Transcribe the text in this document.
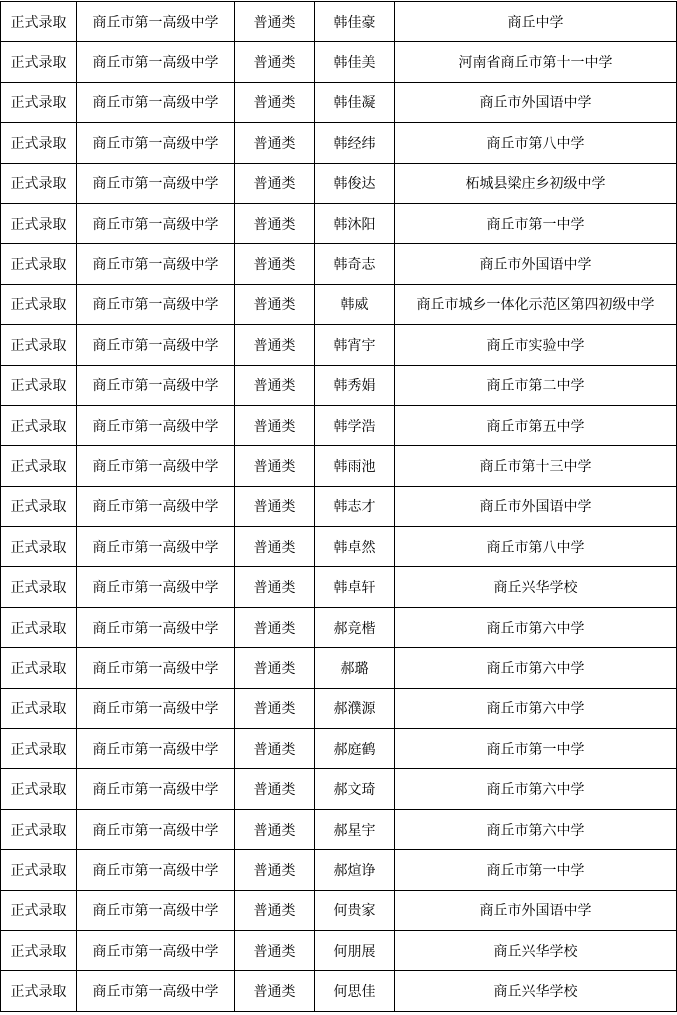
正式录取	商丘市第一高级中学	普通类	韩佳豪	商丘中学
正式录取	商丘市第一高级中学	普通类	韩佳美	河南省商丘市第十一中学
正式录取	商丘市第一高级中学	普通类	韩佳凝	商丘市外国语中学
正式录取	商丘市第一高级中学	普通类	韩经纬	商丘市第八中学
正式录取	商丘市第一高级中学	普通类	韩俊达	柘城县梁庄乡初级中学
正式录取	商丘市第一高级中学	普通类	韩沐阳	商丘市第一中学
正式录取	商丘市第一高级中学	普通类	韩奇志	商丘市外国语中学
正式录取	商丘市第一高级中学	普通类	韩威	商丘市城乡一体化示范区第四初级中学
正式录取	商丘市第一高级中学	普通类	韩宵宇	商丘市实验中学
正式录取	商丘市第一高级中学	普通类	韩秀娟	商丘市第二中学
正式录取	商丘市第一高级中学	普通类	韩学浩	商丘市第五中学
正式录取	商丘市第一高级中学	普通类	韩雨池	商丘市第十三中学
正式录取	商丘市第一高级中学	普通类	韩志才	商丘市外国语中学
正式录取	商丘市第一高级中学	普通类	韩卓然	商丘市第八中学
正式录取	商丘市第一高级中学	普通类	韩卓轩	商丘兴华学校
正式录取	商丘市第一高级中学	普通类	郝竞楷	商丘市第六中学
正式录取	商丘市第一高级中学	普通类	郝璐	商丘市第六中学
正式录取	商丘市第一高级中学	普通类	郝濮源	商丘市第六中学
正式录取	商丘市第一高级中学	普通类	郝庭鹤	商丘市第一中学
正式录取	商丘市第一高级中学	普通类	郝文琦	商丘市第六中学
正式录取	商丘市第一高级中学	普通类	郝星宇	商丘市第六中学
正式录取	商丘市第一高级中学	普通类	郝煊诤	商丘市第一中学
正式录取	商丘市第一高级中学	普通类	何贵家	商丘市外国语中学
正式录取	商丘市第一高级中学	普通类	何朋展	商丘兴华学校
正式录取	商丘市第一高级中学	普通类	何思佳	商丘兴华学校
